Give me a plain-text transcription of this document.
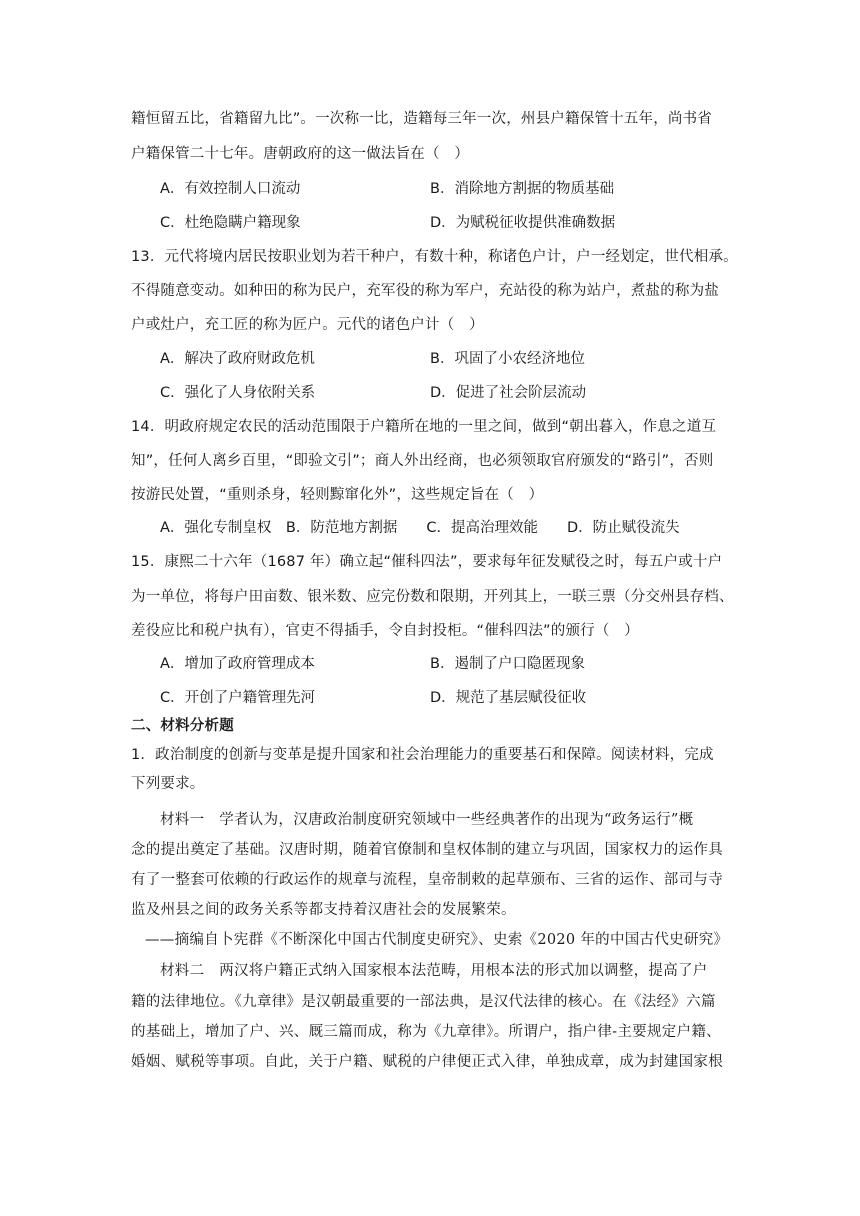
籍恒留五比，省籍留九比”。一次称一比，造籍每三年一次，州县户籍保管十五年，尚书省
户籍保管二十七年。唐朝政府的这一做法旨在（　）
A．有效控制人口流动	B．消除地方割据的物质基础
C．杜绝隐瞒户籍现象	D．为赋税征收提供准确数据
13．元代将境内居民按职业划为若干种户，有数十种，称诸色户计，户一经划定，世代相承。
不得随意变动。如种田的称为民户，充军役的称为军户，充站役的称为站户，煮盐的称为盐
户或灶户，充工匠的称为匠户。元代的诸色户计（　）
A．解决了政府财政危机	B．巩固了小农经济地位
C．强化了人身依附关系	D．促进了社会阶层流动
14．明政府规定农民的活动范围限于户籍所在地的一里之间，做到“朝出暮入，作息之道互
知”，任何人离乡百里，“即验文引”；商人外出经商，也必须领取官府颁发的“路引”，否则
按游民处置，“重则杀身，轻则黥窜化外”，这些规定旨在（　）
A．强化专制皇权　B．防范地方割据　　C．提高治理效能　　D．防止赋役流失
15．康熙二十六年（1687 年）确立起“催科四法”，要求每年征发赋役之时，每五户或十户
为一单位，将每户田亩数、银米数、应完份数和限期，开列其上，一联三票（分交州县存档、
差役应比和税户执有），官吏不得插手，令自封投柜。“催科四法”的颁行（　）
A．增加了政府管理成本	B．遏制了户口隐匿现象
C．开创了户籍管理先河	D．规范了基层赋役征收
二、材料分析题
1．政治制度的创新与变革是提升国家和社会治理能力的重要基石和保障。阅读材料，完成
下列要求。
材料一　学者认为，汉唐政治制度研究领域中一些经典著作的出现为“政务运行”概
念的提出奠定了基础。汉唐时期，随着官僚制和皇权体制的建立与巩固，国家权力的运作具
有了一整套可依赖的行政运作的规章与流程，皇帝制敕的起草颁布、三省的运作、部司与寺
监及州县之间的政务关系等都支持着汉唐社会的发展繁荣。
——摘编自卜宪群《不断深化中国古代制度史研究》、史索《2020 年的中国古代史研究》
材料二　两汉将户籍正式纳入国家根本法范畴，用根本法的形式加以调整，提高了户
籍的法律地位。《九章律》是汉朝最重要的一部法典，是汉代法律的核心。在《法经》六篇
的基础上，增加了户、兴、厩三篇而成，称为《九章律》。所谓户，指户律-主要规定户籍、
婚姻、赋税等事项。自此，关于户籍、赋税的户律便正式入律，单独成章，成为封建国家根
